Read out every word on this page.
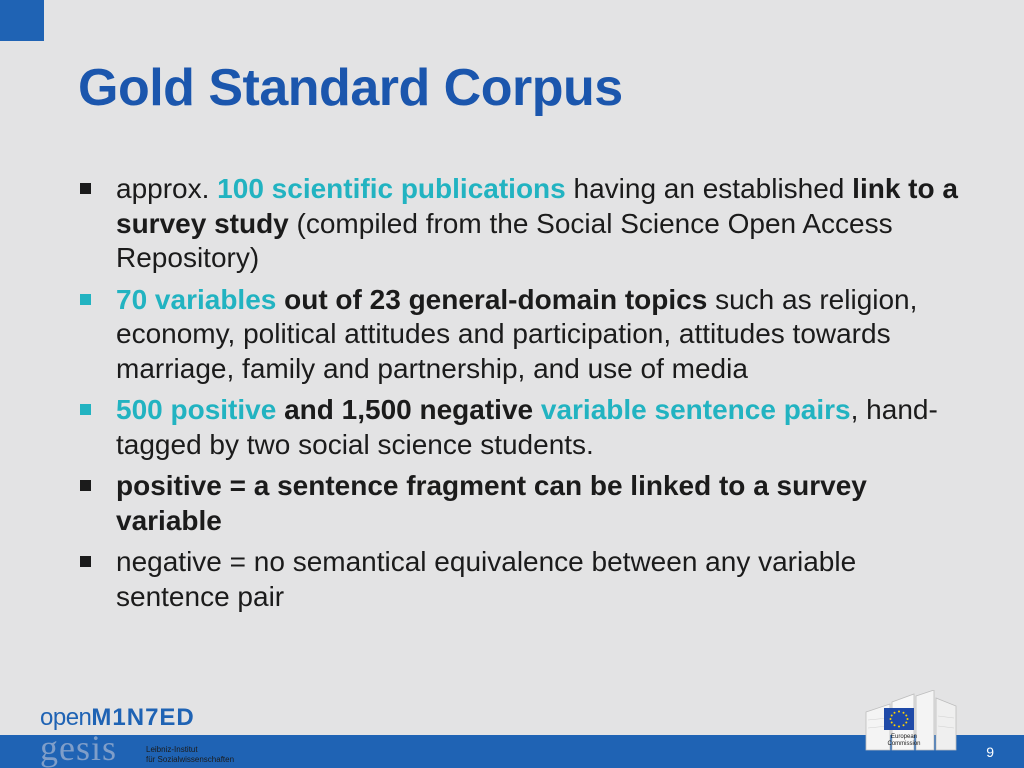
Gold Standard Corpus
approx. 100 scientific publications having an established link to a survey study (compiled from the Social Science Open Access Repository)
70 variables out of 23 general-domain topics such as religion, economy, political attitudes and participation, attitudes towards marriage, family and partnership, and use of media
500 positive and 1,500 negative variable sentence pairs, hand-tagged by two social science students.
positive = a sentence fragment can be linked to a survey variable
negative = no semantical equivalence between any variable sentence pair
9
openM1N7ED
gesis	Leibniz-Institut
für Sozialwissenschaften
European
Commission
